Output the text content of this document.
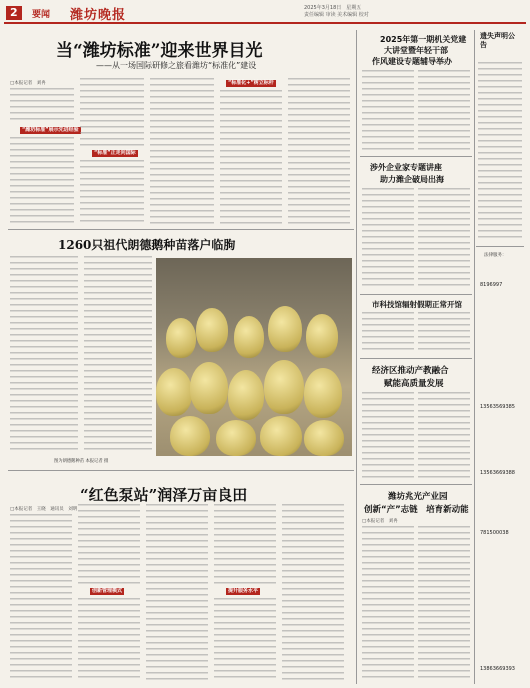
2	要闻 潍坊晚报	2025年3月18日　星期五
责任编辑 审读 美术编辑 校对
当“潍坊标准”迎来世界目光
——从一场国际研修之旅看潍坊“标准化”建设
□本报记者　刘冉
“潍坊标准”展示先进经验
“标准”正走向国际
“标准化+”树立标杆
1260只祖代朗德鹅种苗落户临朐
图为朗德鹅种苗 本报记者 摄
“红色泵站”润泽万亩良田
□本报记者　王晓　通讯员　刘明
创新管理模式	提升服务水平
2025年第一期机关党建
大讲堂暨年轻干部
作风建设专题辅导举办
涉外企业家专题讲座
助力潍企破局出海
市科技馆辐射假期正常开馆
经济区推动产教融合
赋能高质量发展
潍坊兆光产业园
创新“产”志链　培育新动能
□本报记者　刘冉
遗失声明公告
法律服务：
8196997
13563569385
13563669388
781500038
13863669393
